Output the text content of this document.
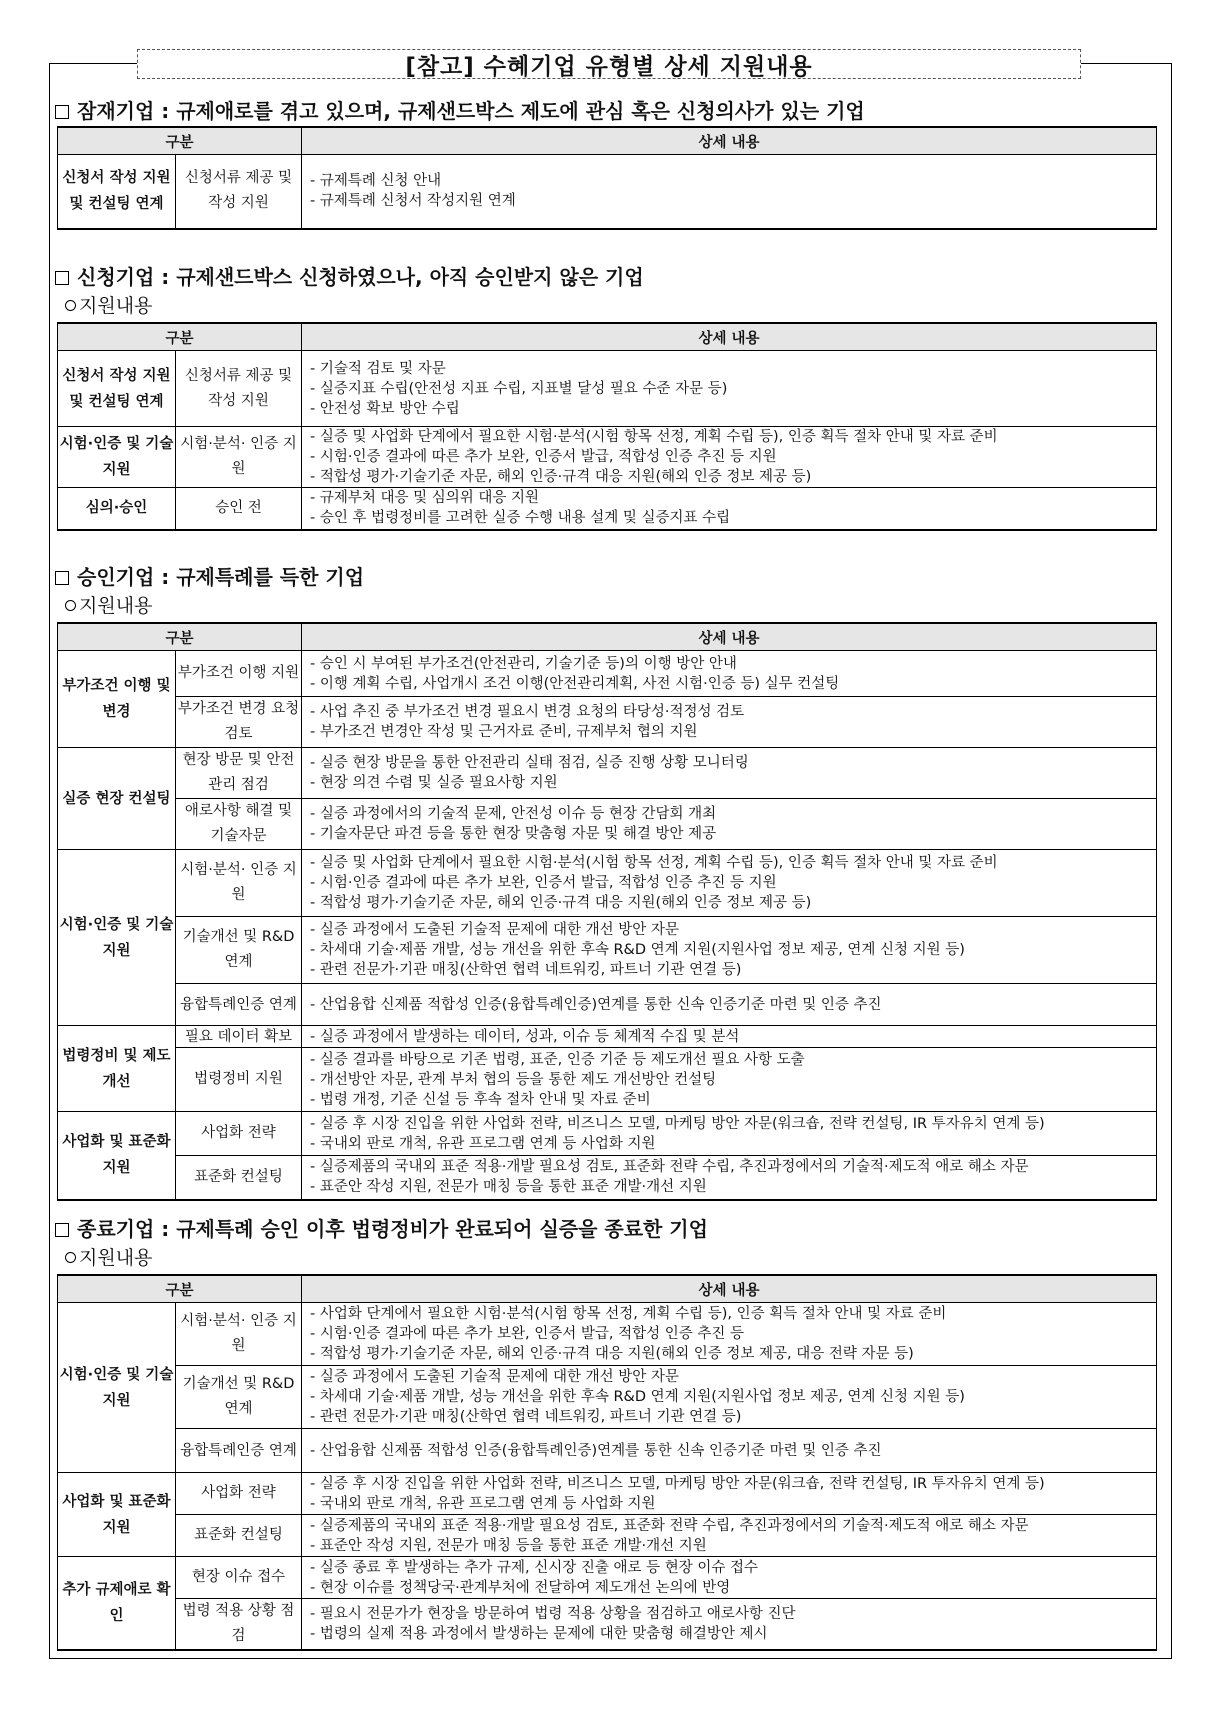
[참고] 수혜기업 유형별 상세 지원내용
잠재기업 : 규제애로를 겪고 있으며, 규제샌드박스 제도에 관심 혹은 신청의사가 있는 기업
구분		상세 내용
신청서 작성 지원 및 컨설팅 연계	신청서류 제공 및 작성 지원	- 규제특례 신청 안내
- 규제특례 신청서 작성지원 연계
신청기업 : 규제샌드박스 신청하였으나, 아직 승인받지 않은 기업
지원내용
구분		상세 내용
신청서 작성 지원 및 컨설팅 연계	신청서류 제공 및 작성 지원	- 기술적 검토 및 자문
- 실증지표 수립(안전성 지표 수립, 지표별 달성 필요 수준 자문 등)
- 안전성 확보 방안 수립

시험·인증 및 기술지원	시험·분석· 인증 지원	- 실증 및 사업화 단계에서 필요한 시험·분석(시험 항목 선정, 계획 수립 등), 인증 획득 절차 안내 및 자료 준비
- 시험·인증 결과에 따른 추가 보완, 인증서 발급, 적합성 인증 추진 등 지원
- 적합성 평가·기술기준 자문, 해외 인증·규격 대응 지원(해외 인증 정보 제공 등)

심의·승인	승인 전	- 규제부처 대응 및 심의위 대응 지원
- 승인 후 법령정비를 고려한 실증 수행 내용 설계 및 실증지표 수립
승인기업 : 규제특례를 득한 기업
지원내용
구분		상세 내용
부가조건 이행 및 변경	부가조건 이행 지원	- 승인 시 부여된 부가조건(안전관리, 기술기준 등)의 이행 방안 안내
- 이행 계획 수립, 사업개시 조건 이행(안전관리계획, 사전 시험·인증 등) 실무 컨설팅

	부가조건 변경 요청 검토	- 사업 추진 중 부가조건 변경 필요시 변경 요청의 타당성·적정성 검토
- 부가조건 변경안 작성 및 근거자료 준비, 규제부처 협의 지원

실증 현장 컨설팅	현장 방문 및 안전관리 점검	- 실증 현장 방문을 통한 안전관리 실태 점검, 실증 진행 상황 모니터링
- 현장 의견 수렴 및 실증 필요사항 지원

	애로사항 해결 및 기술자문	- 실증 과정에서의 기술적 문제, 안전성 이슈 등 현장 간담회 개최
- 기술자문단 파견 등을 통한 현장 맞춤형 자문 및 해결 방안 제공

시험·인증 및 기술지원	시험·분석· 인증 지원	- 실증 및 사업화 단계에서 필요한 시험·분석(시험 항목 선정, 계획 수립 등), 인증 획득 절차 안내 및 자료 준비
- 시험·인증 결과에 따른 추가 보완, 인증서 발급, 적합성 인증 추진 등 지원
- 적합성 평가·기술기준 자문, 해외 인증·규격 대응 지원(해외 인증 정보 제공 등)

	기술개선 및 R&D 연계	- 실증 과정에서 도출된 기술적 문제에 대한 개선 방안 자문
- 차세대 기술·제품 개발, 성능 개선을 위한 후속 R&D 연계 지원(지원사업 정보 제공, 연계 신청 지원 등)
- 관련 전문가·기관 매칭(산학연 협력 네트워킹, 파트너 기관 연결 등)

	융합특례인증 연계	- 산업융합 신제품 적합성 인증(융합특례인증)연계를 통한 신속 인증기준 마련 및 인증 추진

법령정비 및 제도개선	필요 데이터 확보	- 실증 과정에서 발생하는 데이터, 성과, 이슈 등 체계적 수집 및 분석

	법령정비 지원	- 실증 결과를 바탕으로 기존 법령, 표준, 인증 기준 등 제도개선 필요 사항 도출
- 개선방안 자문, 관계 부처 협의 등을 통한 제도 개선방안 컨설팅
- 법령 개정, 기준 신설 등 후속 절차 안내 및 자료 준비

사업화 및 표준화 지원	사업화 전략	- 실증 후 시장 진입을 위한 사업화 전략, 비즈니스 모델, 마케팅 방안 자문(워크숍, 전략 컨설팅, IR 투자유치 연계 등)
- 국내외 판로 개척, 유관 프로그램 연계 등 사업화 지원

	표준화 컨설팅	- 실증제품의 국내외 표준 적용·개발 필요성 검토, 표준화 전략 수립, 추진과정에서의 기술적·제도적 애로 해소 자문
- 표준안 작성 지원, 전문가 매칭 등을 통한 표준 개발·개선 지원
종료기업 : 규제특례 승인 이후 법령정비가 완료되어 실증을 종료한 기업
지원내용
구분		상세 내용
시험·인증 및 기술지원	시험·분석· 인증 지원	- 사업화 단계에서 필요한 시험·분석(시험 항목 선정, 계획 수립 등), 인증 획득 절차 안내 및 자료 준비
- 시험·인증 결과에 따른 추가 보완, 인증서 발급, 적합성 인증 추진 등
- 적합성 평가·기술기준 자문, 해외 인증·규격 대응 지원(해외 인증 정보 제공, 대응 전략 자문 등)

	기술개선 및 R&D 연계	- 실증 과정에서 도출된 기술적 문제에 대한 개선 방안 자문
- 차세대 기술·제품 개발, 성능 개선을 위한 후속 R&D 연계 지원(지원사업 정보 제공, 연계 신청 지원 등)
- 관련 전문가·기관 매칭(산학연 협력 네트워킹, 파트너 기관 연결 등)

	융합특례인증 연계	- 산업융합 신제품 적합성 인증(융합특례인증)연계를 통한 신속 인증기준 마련 및 인증 추진

사업화 및 표준화 지원	사업화 전략	- 실증 후 시장 진입을 위한 사업화 전략, 비즈니스 모델, 마케팅 방안 자문(워크숍, 전략 컨설팅, IR 투자유치 연계 등)
- 국내외 판로 개척, 유관 프로그램 연계 등 사업화 지원

	표준화 컨설팅	- 실증제품의 국내외 표준 적용·개발 필요성 검토, 표준화 전략 수립, 추진과정에서의 기술적·제도적 애로 해소 자문
- 표준안 작성 지원, 전문가 매칭 등을 통한 표준 개발·개선 지원

추가 규제애로 확인	현장 이슈 접수	- 실증 종료 후 발생하는 추가 규제, 신시장 진출 애로 등 현장 이슈 접수
- 현장 이슈를 정책당국·관계부처에 전달하여 제도개선 논의에 반영

	법령 적용 상황 점검	- 필요시 전문가가 현장을 방문하여 법령 적용 상황을 점검하고 애로사항 진단
- 법령의 실제 적용 과정에서 발생하는 문제에 대한 맞춤형 해결방안 제시
